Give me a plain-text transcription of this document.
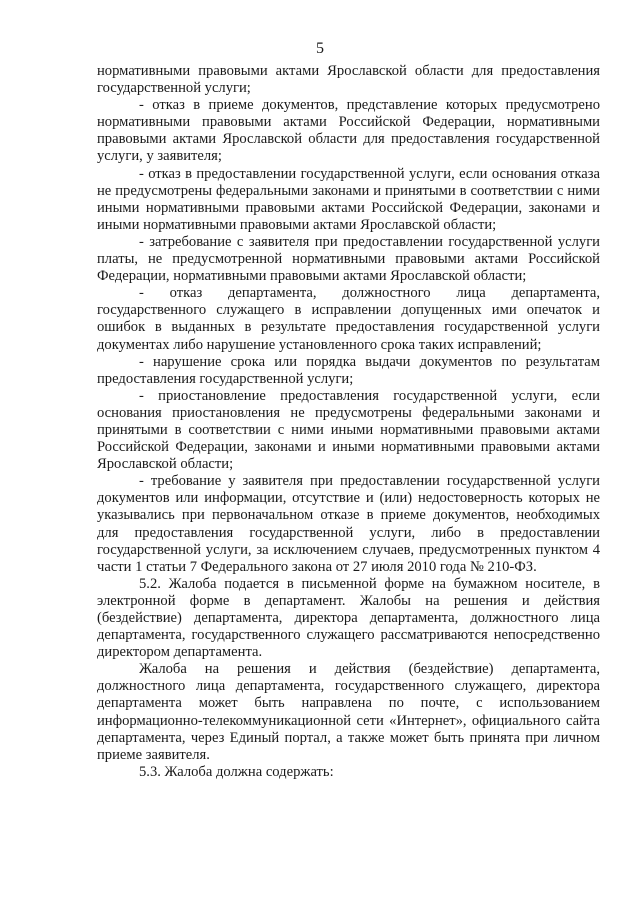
5

нормативными правовыми актами Ярославской области для предоставления государственной услуги;

- отказ в приеме документов, представление которых предусмотрено нормативными правовыми актами Российской Федерации, нормативными правовыми актами Ярославской области для предоставления государственной услуги, у заявителя;

- отказ в предоставлении государственной услуги, если основания отказа не предусмотрены федеральными законами и принятыми в соответствии с ними иными нормативными правовыми актами Российской Федерации, законами и иными нормативными правовыми актами Ярославской области;

- затребование с заявителя при предоставлении государственной услуги платы, не предусмотренной нормативными правовыми актами Российской Федерации, нормативными правовыми актами Ярославской области;

- отказ департамента, должностного лица департамента, государственного служащего в исправлении допущенных ими опечаток и ошибок в выданных в результате предоставления государственной услуги документах либо нарушение установленного срока таких исправлений;

- нарушение срока или порядка выдачи документов по результатам предоставления государственной услуги;

- приостановление предоставления государственной услуги, если основания приостановления не предусмотрены федеральными законами и принятыми в соответствии с ними иными нормативными правовыми актами Российской Федерации, законами и иными нормативными правовыми актами Ярославской области;

- требование у заявителя при предоставлении государственной услуги документов или информации, отсутствие и (или) недостоверность которых не указывались при первоначальном отказе в приеме документов, необходимых для предоставления государственной услуги, либо в предоставлении государственной услуги, за исключением случаев, предусмотренных пунктом 4 части 1 статьи 7 Федерального закона от 27 июля 2010 года № 210-ФЗ.

5.2. Жалоба подается в письменной форме на бумажном носителе, в электронной форме в департамент. Жалобы на решения и действия (бездействие) департамента, директора департамента, должностного лица департамента, государственного служащего рассматриваются непосредственно директором департамента.

Жалоба на решения и действия (бездействие) департамента, должностного лица департамента, государственного служащего, директора департамента может быть направлена по почте, с использованием информационно-телекоммуникационной сети «Интернет», официального сайта департамента, через Единый портал, а также может быть принята при личном приеме заявителя.

5.3. Жалоба должна содержать:
